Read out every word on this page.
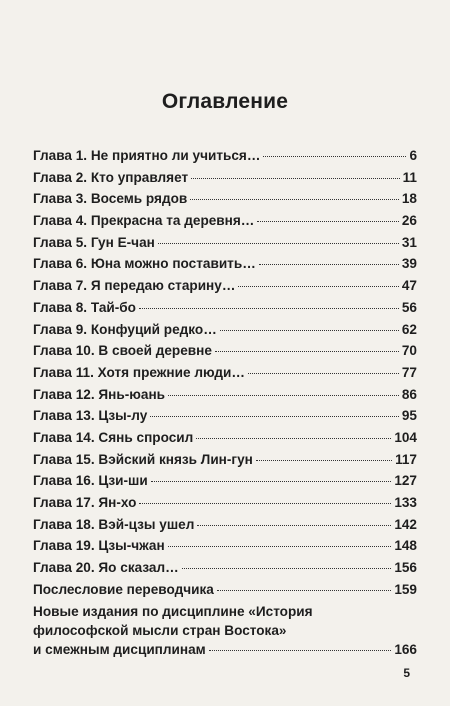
Оглавление
Глава 1. Не приятно ли учиться…	6
Глава 2. Кто управляет	11
Глава 3. Восемь рядов	18
Глава 4. Прекрасна та деревня…	26
Глава 5. Гун Е-чан	31
Глава 6. Юна можно поставить…	39
Глава 7. Я передаю старину…	47
Глава 8. Тай-бо	56
Глава 9. Конфуций редко…	62
Глава 10. В своей деревне	70
Глава 11. Хотя прежние люди…	77
Глава 12. Янь-юань	86
Глава 13. Цзы-лу	95
Глава 14. Сянь спросил	104
Глава 15. Вэйский князь Лин-гун	117
Глава 16. Цзи-ши	127
Глава 17. Ян-хо	133
Глава 18. Вэй-цзы ушел	142
Глава 19. Цзы-чжан	148
Глава 20. Яо сказал…	156
Послесловие переводчика	159
Новые издания по дисциплине «История
философской мысли стран Востока»
и смежным дисциплинам	166
5
